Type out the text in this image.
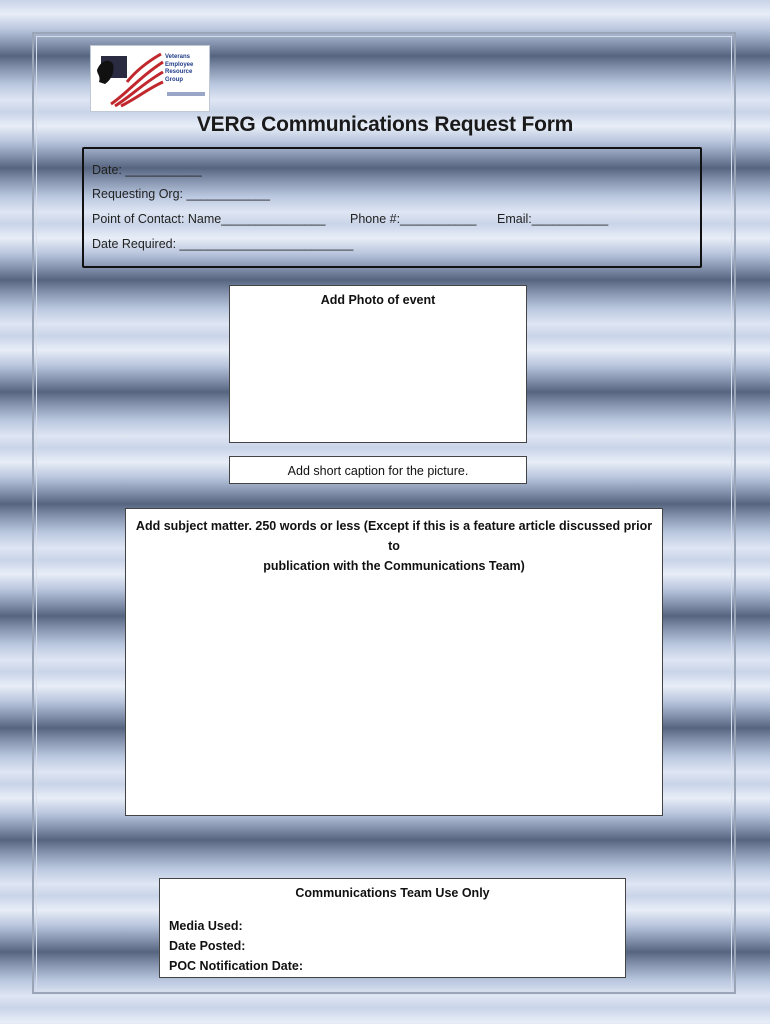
Veterans
Employee
Resource
Group
VERG Communications Request Form
Date: ___________
Requesting Org: ____________
Point of Contact: Name_______________ Phone #:___________ Email:___________
Date Required: _________________________
Add Photo of event
Add short caption for the picture.
Add subject matter. 250 words or less (Except if this is a feature article discussed prior to
publication with the Communications Team)
Communications Team Use Only
Media Used:
Date Posted:
POC Notification Date:
